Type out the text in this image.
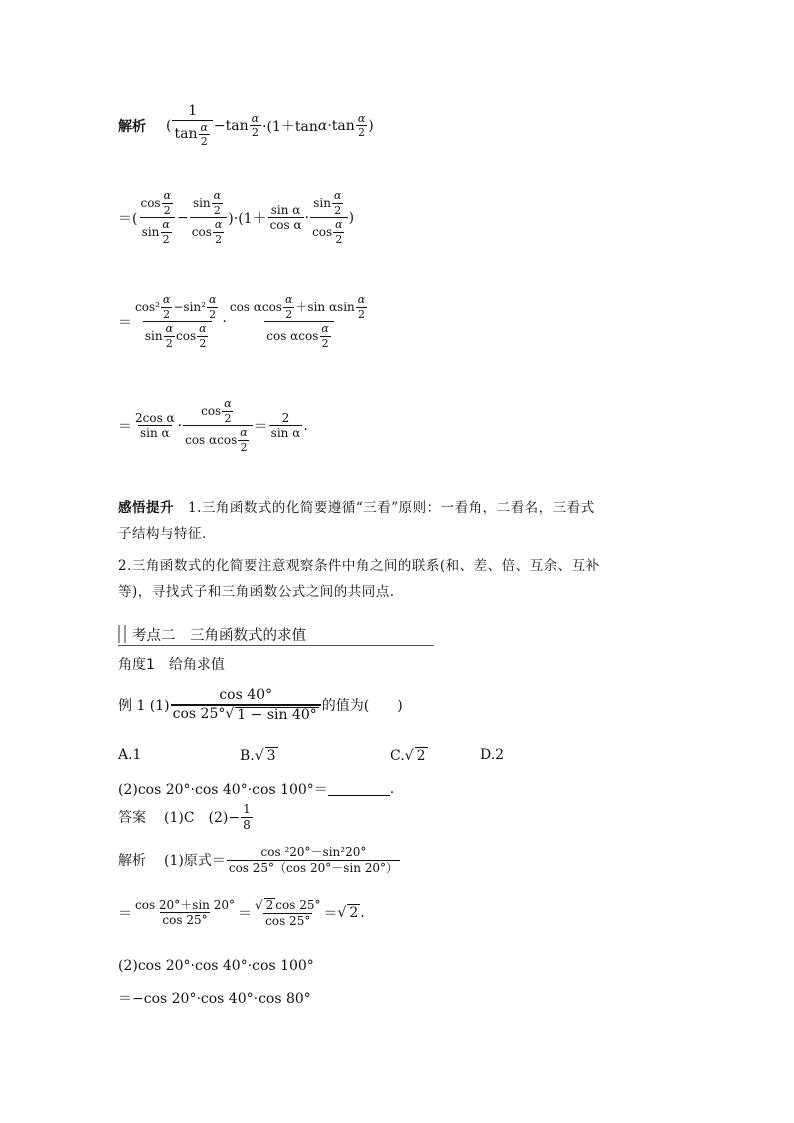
解析 ( $\frac{1}{\tan \frac{\alpha}{2}} -\tan \frac{\alpha}{2} \cdot(1+\tan$ $\alpha \cdot\tan \frac{\alpha}{2}$ )
＝( $\frac{\cos \frac{\alpha}{2}}{\sin \frac{\alpha}{2}} - \frac{\sin \frac{\alpha}{2}}{\cos \frac{\alpha}{2}} )\cdot(1+ \frac{\text{sin α}}{\text{cos α}} \cdot \frac{\sin \frac{\alpha}{2}}{\cos \frac{\alpha}{2}}$ )
＝ $\frac{\cos^2 \frac{\alpha}{2} -\sin^2 \frac{\alpha}{2}}{\sin \frac{\alpha}{2} \cos \frac{\alpha}{2}} \cdot \frac{\cos \alpha\cos \frac{\alpha}{2} +\sin \alpha\sin \frac{\alpha}{2}}{\cos \alpha\cos \frac{\alpha}{2}}$
＝ $\frac{\text{2cos α}}{\text{sin α}} \cdot \frac{\cos \frac{\alpha}{2}}{\cos \alpha\cos \frac{\alpha}{2}} = \frac{2}{\text{sin α}}$ .
感悟提升 1.三角函数式的化简要遵循“三看”原则：一看角，二看名，三看式
子结构与特征.
2.三角函数式的化简要注意观察条件中角之间的联系(和、差、倍、互余、互补
等)，寻找式子和三角函数公式之间的共同点.
考点二　三角函数式的求值
角度1　给角求值
例 1 $(1) \frac{\cos 40^\circ}{\cos 25^\circ √ 1 - \sin 40^\circ}$ 的值为(　　)
A.1	B. √ 3	C. √ 2	D.2
(2)cos 20°·cos 40°·cos 100°＝	.
答案 (1)C　$(2)- \frac{1}{8}$
解析 (1)原式＝ $\frac{\text{cos ²20°－sin²20°}}{\cos 25^\circ(\cos 20^\circ-\sin 20^\circ)}$
＝ $\frac{\cos 20^\circ+\sin 20^\circ}{\cos 25^\circ} = \frac{√ 2 \cos 25^\circ}{\cos 25^\circ}$ ＝ √ 2 .
(2)cos 20°·cos 40°·cos 100°
＝−cos 20°·cos 40°·cos 80°
